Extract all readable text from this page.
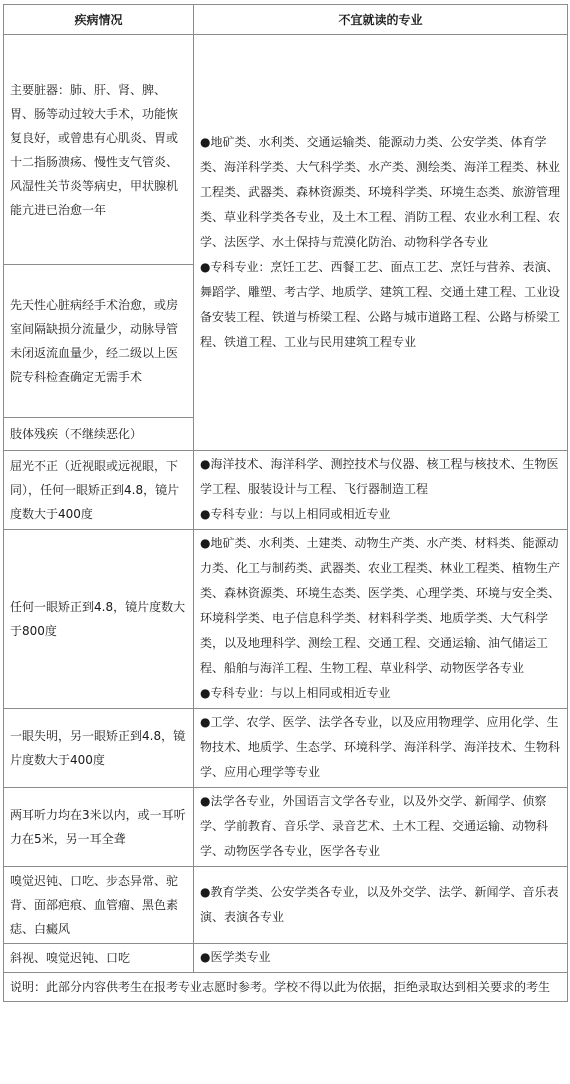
疾病情况	不宜就读的专业
主要脏器：肺、肝、肾、脾、胃、肠等动过较大手术，功能恢复良好，或曾患有心肌炎、胃或十二指肠溃疡、慢性支气管炎、风湿性关节炎等病史，甲状腺机能亢进已治愈一年	●地矿类、水利类、交通运输类、能源动力类、公安学类、体育学类、海洋科学类、大气科学类、水产类、测绘类、海洋工程类、林业工程类、武器类、森林资源类、环境科学类、环境生态类、旅游管理类、草业科学类各专业，及土木工程、消防工程、农业水利工程、农学、法医学、水土保持与荒漠化防治、动物科学各专业

●专科专业：烹饪工艺、西餐工艺、面点工艺、烹饪与营养、表演、舞蹈学、雕塑、考古学、地质学、建筑工程、交通土建工程、工业设备安装工程、铁道与桥梁工程、公路与城市道路工程、公路与桥梁工程、铁道工程、工业与民用建筑工程专业

先天性心脏病经手术治愈，或房室间隔缺损分流量少，动脉导管未闭返流血量少，经二级以上医院专科检查确定无需手术	
肢体残疾（不继续恶化）	
屈光不正（近视眼或远视眼，下同），任何一眼矫正到4.8，镜片度数大于400度	●海洋技术、海洋科学、测控技术与仪器、核工程与核技术、生物医学工程、服装设计与工程、飞行器制造工程

●专科专业：与以上相同或相近专业

任何一眼矫正到4.8，镜片度数大于800度	●地矿类、水利类、土建类、动物生产类、水产类、材料类、能源动力类、化工与制药类、武器类、农业工程类、林业工程类、植物生产类、森林资源类、环境生态类、医学类、心理学类、环境与安全类、环境科学类、电子信息科学类、材料科学类、地质学类、大气科学类，以及地理科学、测绘工程、交通工程、交通运输、油气储运工程、船舶与海洋工程、生物工程、草业科学、动物医学各专业

●专科专业：与以上相同或相近专业

一眼失明，另一眼矫正到4.8，镜片度数大于400度	●工学、农学、医学、法学各专业，以及应用物理学、应用化学、生物技术、地质学、生态学、环境科学、海洋科学、海洋技术、生物科学、应用心理学等专业

两耳听力均在3米以内，或一耳听力在5米，另一耳全聋	●法学各专业，外国语言文学各专业，以及外交学、新闻学、侦察学、学前教育、音乐学、录音艺术、土木工程、交通运输、动物科学、动物医学各专业，医学各专业

嗅觉迟钝、口吃、步态异常、驼背、面部疤痕、血管瘤、黑色素痣、白癜风	●教育学类、公安学类各专业，以及外交学、法学、新闻学、音乐表演、表演各专业

斜视、嗅觉迟钝、口吃	●医学类专业

说明：此部分内容供考生在报考专业志愿时参考。学校不得以此为依据，拒绝录取达到相关要求的考生	
